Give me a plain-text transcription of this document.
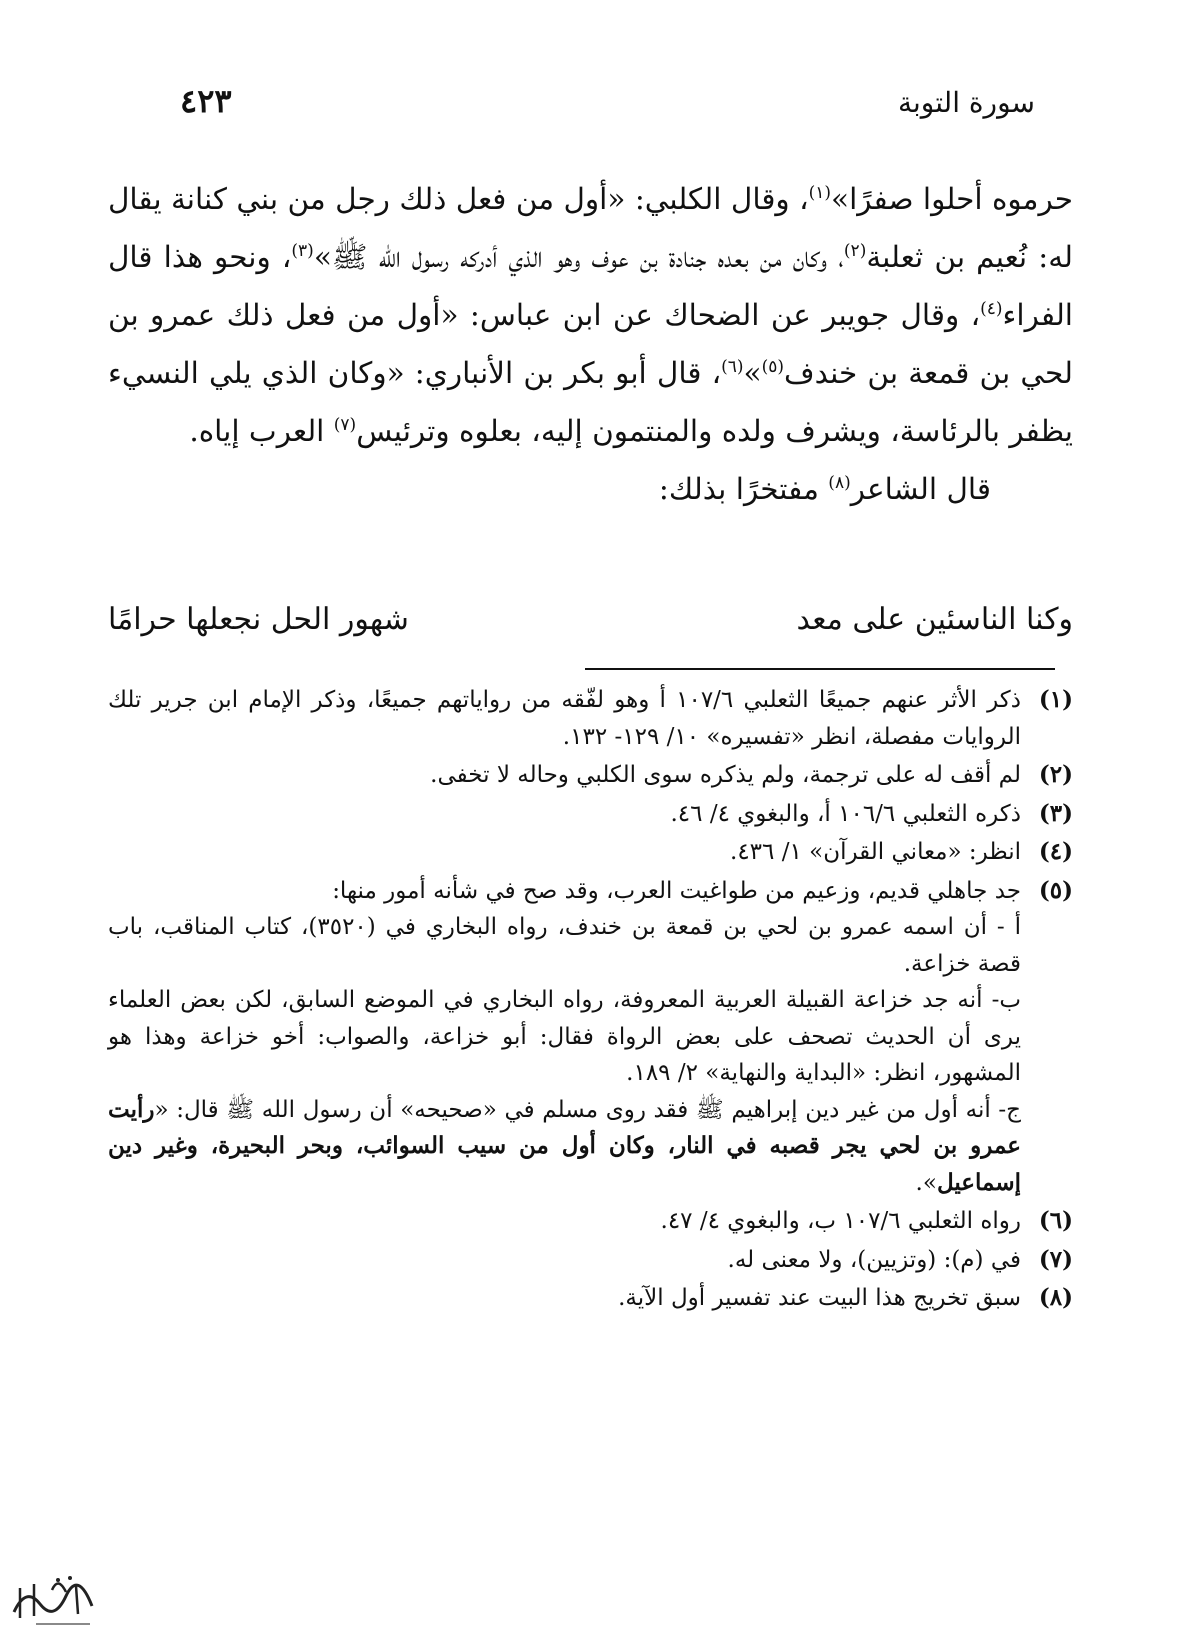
٤٢٣	سورة التوبة

حرموه أحلوا صفرًا»$^{(١)}$، وقال الكلبي: «أول من فعل ذلك رجل من بني كنانة يقال له: نُعيم بن ثعلبة$^{(٢)}$، وكان من بعده جنادة بن عوف وهو الذي أدركه رسول الله ﷺ»$^{(٣)}$، ونحو هذا قال الفراء$^{(٤)}$، وقال جويبر عن الضحاك عن ابن عباس: «أول من فعل ذلك عمرو بن لحي بن قمعة بن خندف$^{(٥)}$»$^{(٦)}$، قال أبو بكر بن الأنباري: «وكان الذي يلي النسيء يظفر بالرئاسة، ويشرف ولده والمنتمون إليه، بعلوه وترئيس$^{(٧)}$ العرب إياه.

قال الشاعر$^{(٨)}$ مفتخرًا بذلك:

وكنا الناسئين على معد
شهور الحل نجعلها حرامًا
(١)
ذكر الأثر عنهم جميعًا الثعلبي ١٠٧/٦ أ وهو لفّقه من رواياتهم جميعًا، وذكر الإمام ابن جرير تلك الروايات مفصلة، انظر «تفسيره» ١٠/ ١٢٩- ١٣٢.
(٢)
لم أقف له على ترجمة، ولم يذكره سوى الكلبي وحاله لا تخفى.
(٣)
ذكره الثعلبي ١٠٦/٦ أ، والبغوي ٤/ ٤٦.
(٤)
انظر: «معاني القرآن» ١/ ٤٣٦.
(٥)

جد جاهلي قديم، وزعيم من طواغيت العرب، وقد صح في شأنه أمور منها:

أ - أن اسمه عمرو بن لحي بن قمعة بن خندف، رواه البخاري في (٣٥٢٠)، كتاب المناقب، باب قصة خزاعة.

ب- أنه جد خزاعة القبيلة العربية المعروفة، رواه البخاري في الموضع السابق، لكن بعض العلماء يرى أن الحديث تصحف على بعض الرواة فقال: أبو خزاعة، والصواب: أخو خزاعة وهذا هو المشهور، انظر: «البداية والنهاية» ٢/ ١٨٩.

ج- أنه أول من غير دين إبراهيم ﷺ فقد روى مسلم في «صحيحه» أن رسول الله ﷺ قال: «رأيت عمرو بن لحي يجر قصبه في النار، وكان أول من سيب السوائب، وبحر البحيرة، وغير دين إسماعيل».

(٦)
رواه الثعلبي ١٠٧/٦ ب، والبغوي ٤/ ٤٧.
(٧)
في (م): (وتزيين)، ولا معنى له.
(٨)
سبق تخريج هذا البيت عند تفسير أول الآية.
